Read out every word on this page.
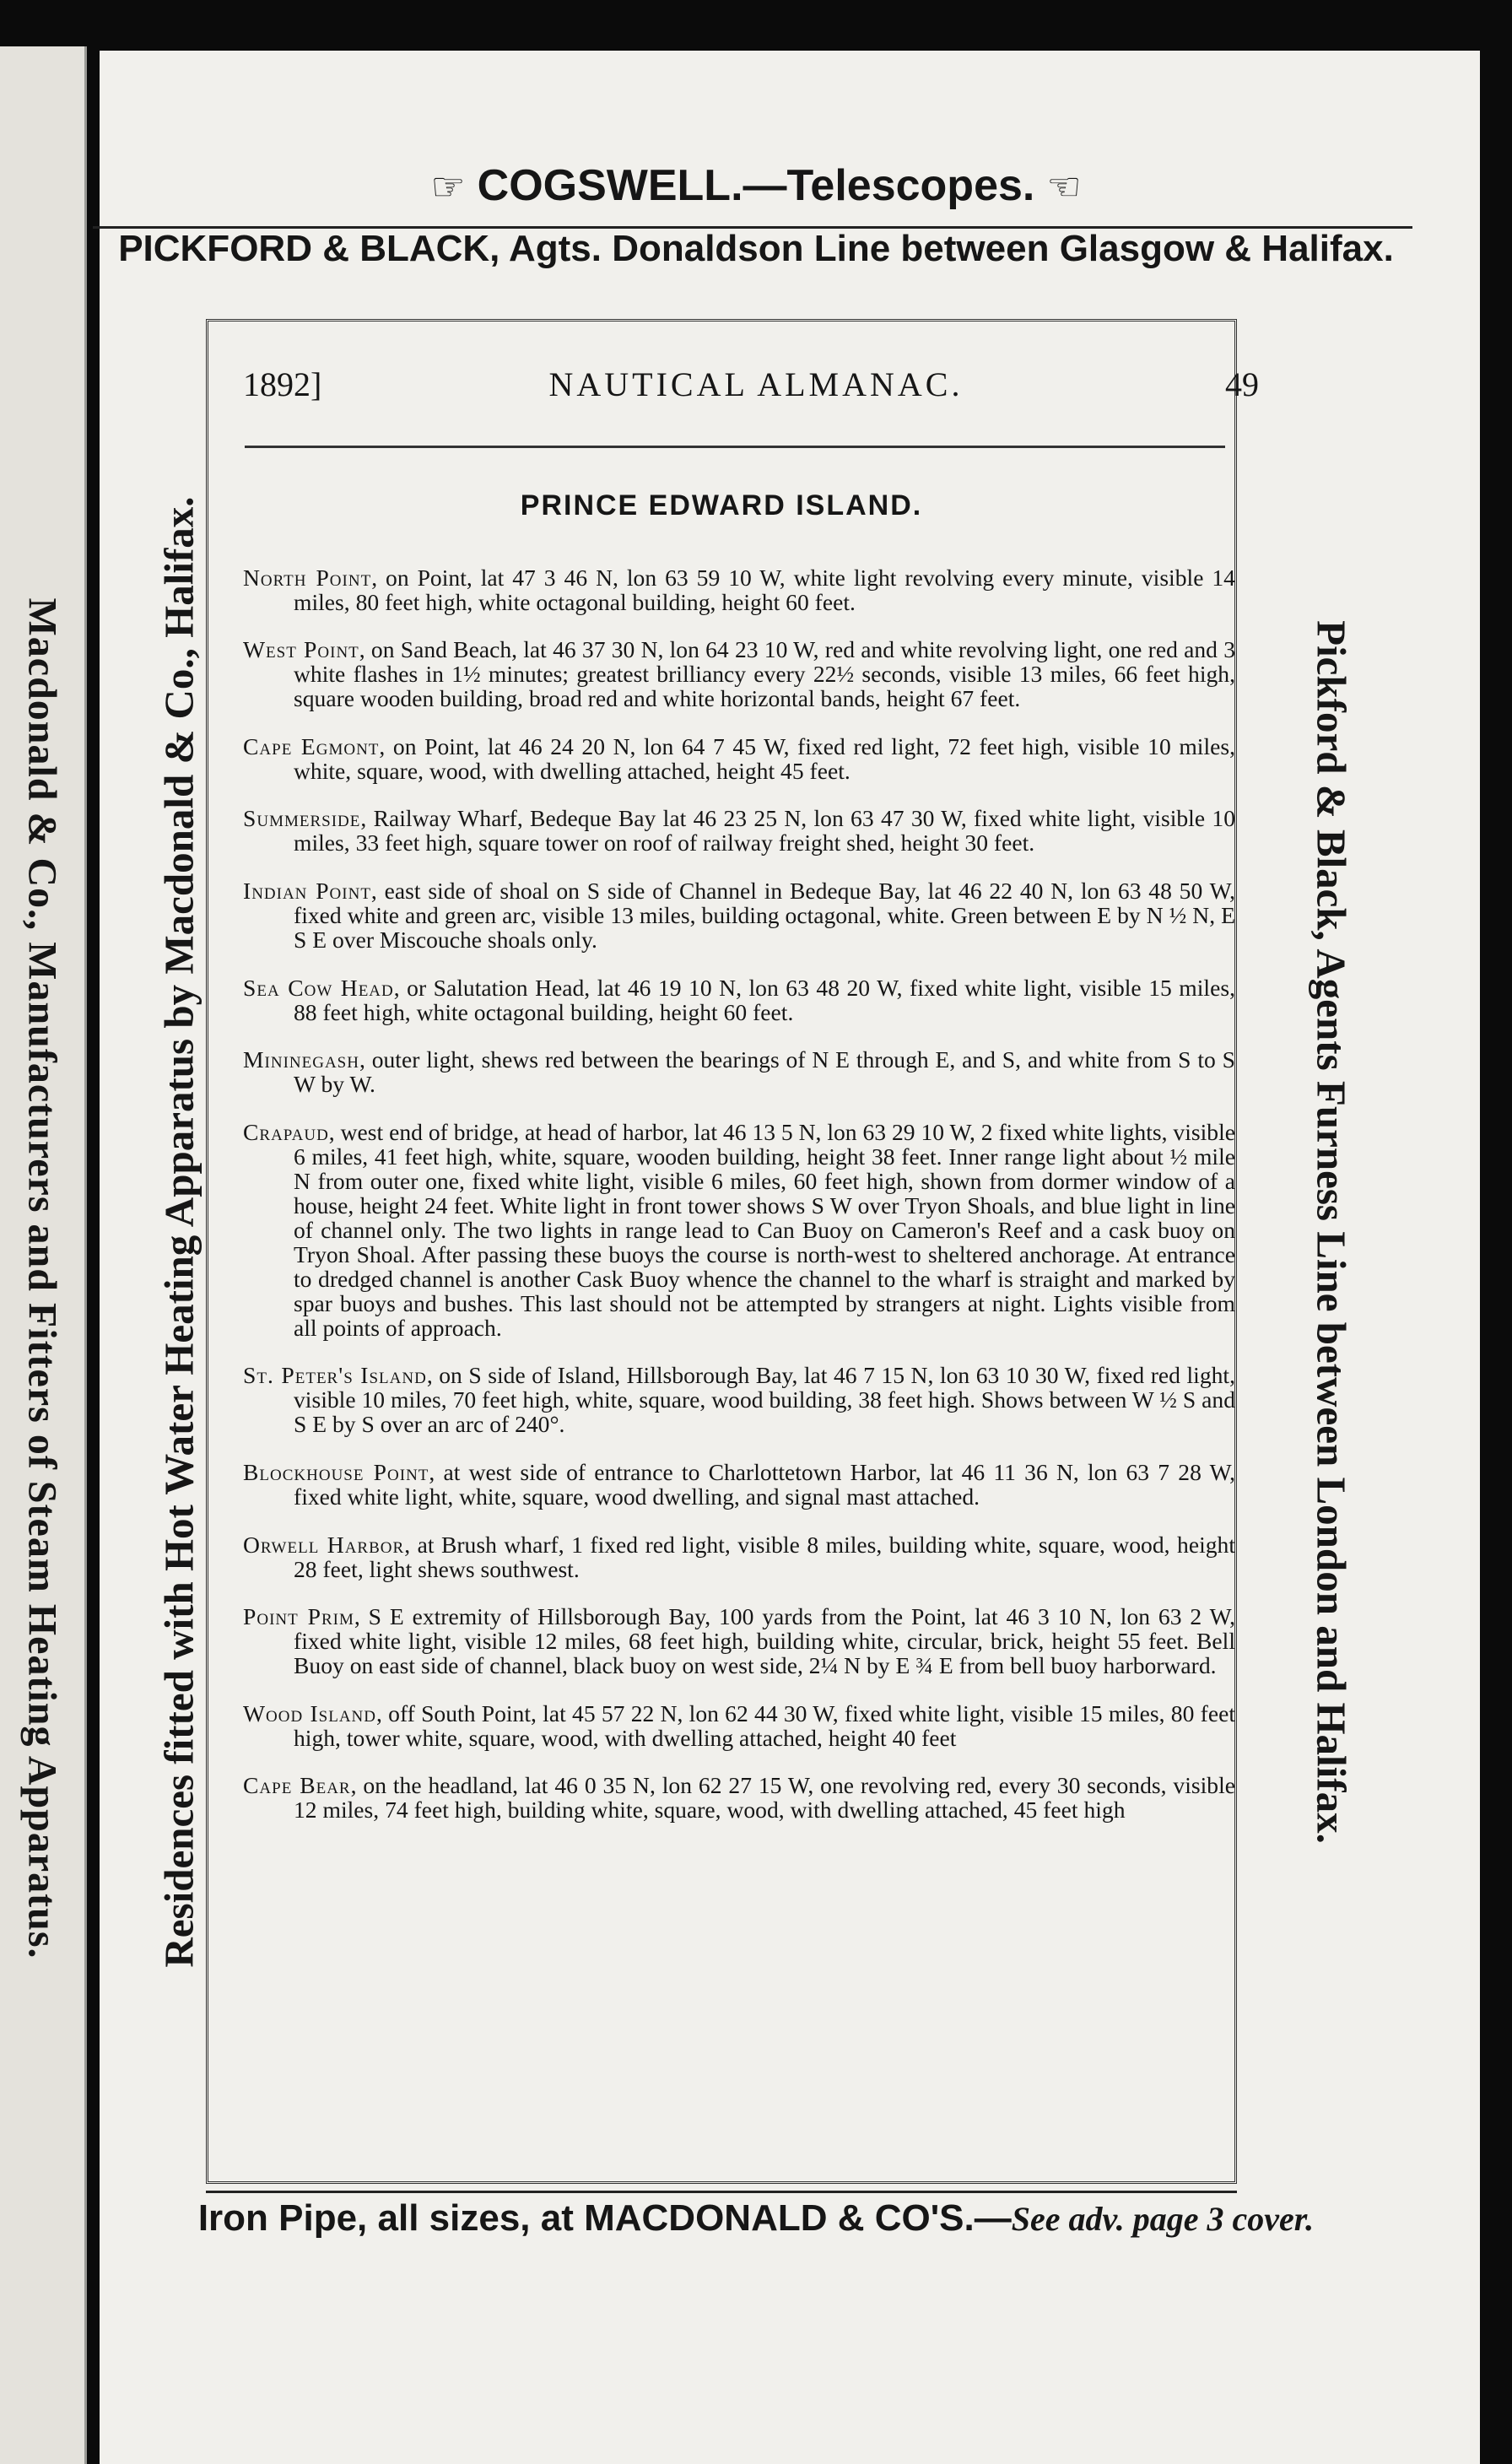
Macdonald & Co., Manufacturers and Fitters of Steam Heating Apparatus.
☞ COGSWELL.—Telescopes. ☜
PICKFORD & BLACK, Agts. Donaldson Line between Glasgow & Halifax.
Residences fitted with Hot Water Heating Apparatus by Macdonald & Co., Halifax.	Pickford & Black, Agents Furness Line between London and Halifax.
1892]	NAUTICAL ALMANAC.	49
PRINCE EDWARD ISLAND.

North Point, on Point, lat 47 3 46 N, lon 63 59 10 W, white light revolving every minute, visible 14 miles, 80 feet high, white octagonal building, height 60 feet.

West Point, on Sand Beach, lat 46 37 30 N, lon 64 23 10 W, red and white revolving light, one red and 3 white flashes in 1½ minutes; greatest brilliancy every 22½ seconds, visible 13 miles, 66 feet high, square wooden building, broad red and white horizontal bands, height 67 feet.

Cape Egmont, on Point, lat 46 24 20 N, lon 64 7 45 W, fixed red light, 72 feet high, visible 10 miles, white, square, wood, with dwelling attached, height 45 feet.

Summerside, Railway Wharf, Bedeque Bay lat 46 23 25 N, lon 63 47 30 W, fixed white light, visible 10 miles, 33 feet high, square tower on roof of railway freight shed, height 30 feet.

Indian Point, east side of shoal on S side of Channel in Bedeque Bay, lat 46 22 40 N, lon 63 48 50 W, fixed white and green arc, visible 13 miles, building octagonal, white. Green between E by N ½ N, E S E over Miscouche shoals only.

Sea Cow Head, or Salutation Head, lat 46 19 10 N, lon 63 48 20 W, fixed white light, visible 15 miles, 88 feet high, white octagonal building, height 60 feet.

Mininegash, outer light, shews red between the bearings of N E through E, and S, and white from S to S W by W.

Crapaud, west end of bridge, at head of harbor, lat 46 13 5 N, lon 63 29 10 W, 2 fixed white lights, visible 6 miles, 41 feet high, white, square, wooden building, height 38 feet. Inner range light about ½ mile N from outer one, fixed white light, visible 6 miles, 60 feet high, shown from dormer window of a house, height 24 feet. White light in front tower shows S W over Tryon Shoals, and blue light in line of channel only. The two lights in range lead to Can Buoy on Cameron's Reef and a cask buoy on Tryon Shoal. After passing these buoys the course is north-west to sheltered anchorage. At entrance to dredged channel is another Cask Buoy whence the channel to the wharf is straight and marked by spar buoys and bushes. This last should not be attempted by strangers at night. Lights visible from all points of approach.

St. Peter's Island, on S side of Island, Hillsborough Bay, lat 46 7 15 N, lon 63 10 30 W, fixed red light, visible 10 miles, 70 feet high, white, square, wood building, 38 feet high. Shows between W ½ S and S E by S over an arc of 240°.

Blockhouse Point, at west side of entrance to Charlottetown Harbor, lat 46 11 36 N, lon 63 7 28 W, fixed white light, white, square, wood dwelling, and signal mast attached.

Orwell Harbor, at Brush wharf, 1 fixed red light, visible 8 miles, building white, square, wood, height 28 feet, light shews southwest.

Point Prim, S E extremity of Hillsborough Bay, 100 yards from the Point, lat 46 3 10 N, lon 63 2 W, fixed white light, visible 12 miles, 68 feet high, building white, circular, brick, height 55 feet. Bell Buoy on east side of channel, black buoy on west side, 2¼ N by E ¾ E from bell buoy harborward.

Wood Island, off South Point, lat 45 57 22 N, lon 62 44 30 W, fixed white light, visible 15 miles, 80 feet high, tower white, square, wood, with dwelling attached, height 40 feet

Cape Bear, on the headland, lat 46 0 35 N, lon 62 27 15 W, one revolving red, every 30 seconds, visible 12 miles, 74 feet high, building white, square, wood, with dwelling attached, 45 feet high

Iron Pipe, all sizes, at MACDONALD & CO'S.—See adv. page 3 cover.
